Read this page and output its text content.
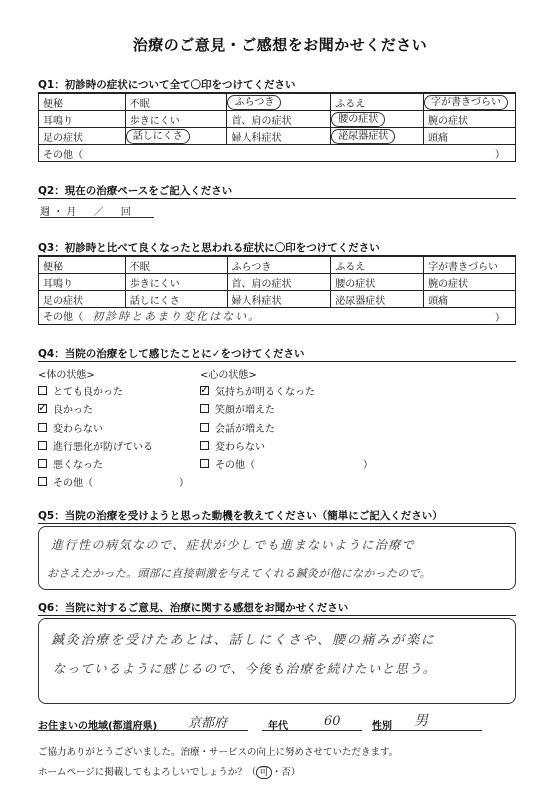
治療のご意見・ご感想をお聞かせください
Q1：初診時の症状について全て〇印をつけてください
便秘	不眠	ふらつき	ふるえ	字が書きづらい
耳鳴り	歩きにくい	首、肩の症状	腰の症状	腕の症状
足の症状	話しにくさ	婦人科症状	泌尿器症状	頭痛
その他（ ）				
Q2：現在の治療ペースをご記入ください
週 ・ 月 ／ 回
Q3：初診時と比べて良くなったと思われる症状に〇印をつけてください
便秘	不眠	ふらつき	ふるえ	字が書きづらい
耳鳴り	歩きにくい	首、肩の症状	腰の症状	腕の症状
足の症状	話しにくさ	婦人科症状	泌尿器症状	頭痛
その他（ 初診時とあまり変化はない。 ）				
Q4：当院の治療をして感じたことに✓をつけてください
<体の状態>	<心の状態>
とても良かった
✓ 良かった
変わらない
進行悪化が防げている
悪くなった
その他（	）
✓ 気持ちが明るくなった
笑顔が増えた
会話が増えた
変わらない
その他（	）
Q5：当院の治療を受けようと思った動機を教えてください（簡単にご記入ください）
進行性の病気なので、症状が少しでも進まないように治療で
おさえたかった。頭部に直接刺激を与えてくれる鍼灸が他になかったので。
Q6：当院に対するご意見、治療に関する感想をお聞かせください
鍼灸治療を受けたあとは、話しにくさや、腰の痛みが楽に
なっているように感じるので、今後も治療を続けたいと思う。
お住まいの地域(都道府県) 京都府	年代	60	性別 男
ご協力ありがとうございました。治療・サービスの向上に努めさせていただきます。
ホームページに掲載してもよろしいでしょうか？（ 可 ・否）
